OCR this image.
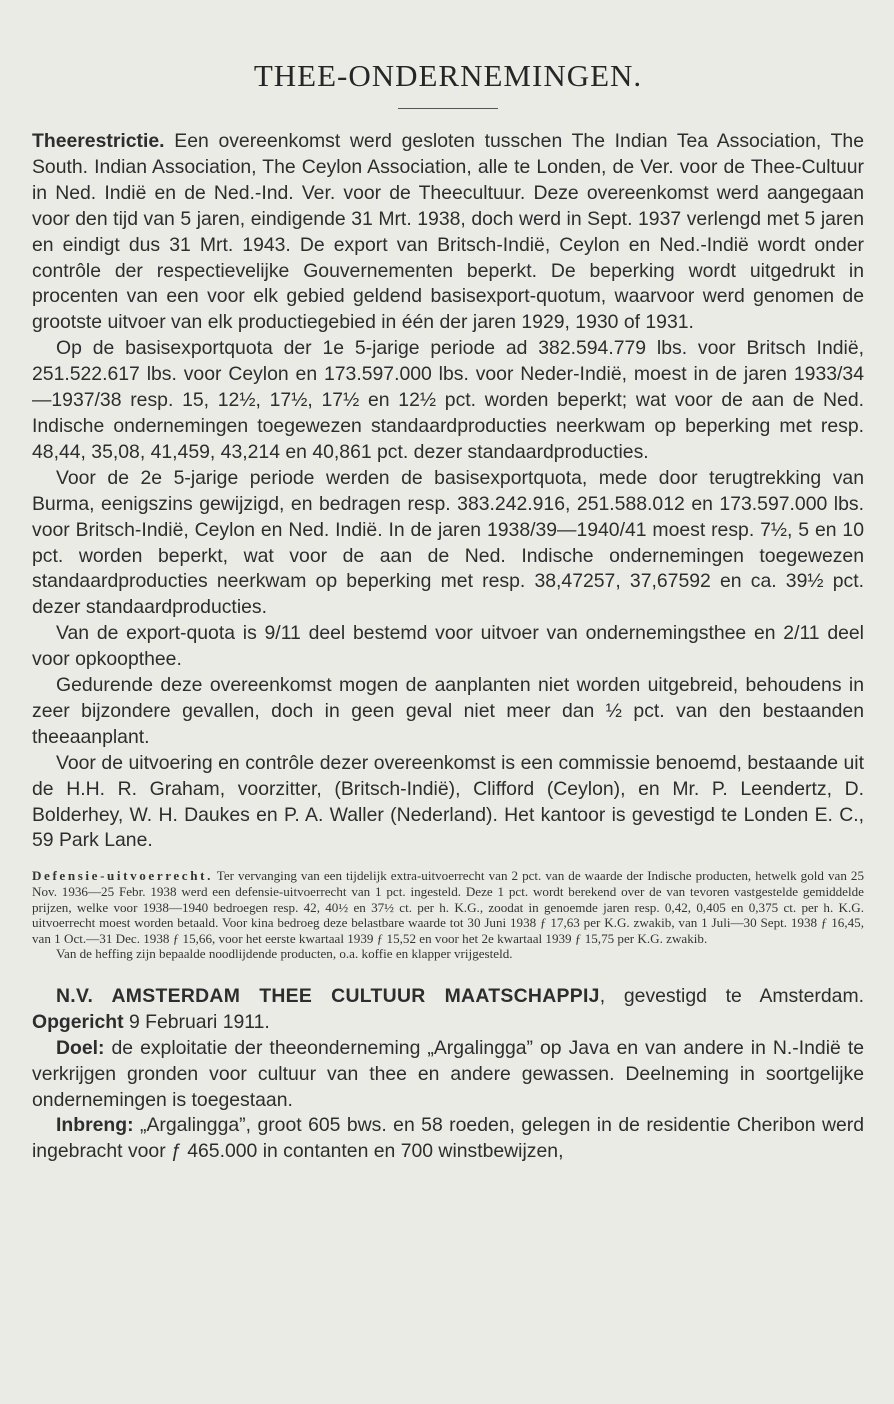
THEE-ONDERNEMINGEN.

Theerestrictie. Een overeenkomst werd gesloten tusschen The Indian Tea Association, The South. Indian Association, The Ceylon Association, alle te Londen, de Ver. voor de Thee-Cultuur in Ned. Indië en de Ned.-Ind. Ver. voor de Theecultuur. Deze overeenkomst werd aangegaan voor den tijd van 5 jaren, eindigende 31 Mrt. 1938, doch werd in Sept. 1937 verlengd met 5 jaren en eindigt dus 31 Mrt. 1943. De export van Britsch-Indië, Ceylon en Ned.-Indië wordt onder contrôle der respectievelijke Gouvernementen beperkt. De beperking wordt uitgedrukt in procenten van een voor elk gebied geldend basisexport-quotum, waarvoor werd genomen de grootste uitvoer van elk productiegebied in één der jaren 1929, 1930 of 1931.

Op de basisexportquota der 1e 5-jarige periode ad 382.594.779 lbs. voor Britsch Indië, 251.522.617 lbs. voor Ceylon en 173.597.000 lbs. voor Neder-Indië, moest in de jaren 1933/34—1937/38 resp. 15, 12½, 17½, 17½ en 12½ pct. worden beperkt; wat voor de aan de Ned. Indische ondernemingen toegewezen standaardproducties neerkwam op beperking met resp. 48,44, 35,08, 41,459, 43,214 en 40,861 pct. dezer standaardproducties.

Voor de 2e 5-jarige periode werden de basisexportquota, mede door terugtrekking van Burma, eenigszins gewijzigd, en bedragen resp. 383.242.916, 251.588.012 en 173.597.000 lbs. voor Britsch-Indië, Ceylon en Ned. Indië. In de jaren 1938/39—1940/41 moest resp. 7½, 5 en 10 pct. worden beperkt, wat voor de aan de Ned. Indische ondernemingen toegewezen standaardproducties neerkwam op beperking met resp. 38,47257, 37,67592 en ca. 39½ pct. dezer standaardproducties.

Van de export-quota is 9/11 deel bestemd voor uitvoer van ondernemingsthee en 2/11 deel voor opkoopthee.

Gedurende deze overeenkomst mogen de aanplanten niet worden uitgebreid, behoudens in zeer bijzondere gevallen, doch in geen geval niet meer dan ½ pct. van den bestaanden theeaanplant.

Voor de uitvoering en contrôle dezer overeenkomst is een commissie benoemd, bestaande uit de H.H. R. Graham, voorzitter, (Britsch-Indië), Clifford (Ceylon), en Mr. P. Leendertz, D. Bolderhey, W. H. Daukes en P. A. Waller (Nederland). Het kantoor is gevestigd te Londen E. C., 59 Park Lane.

Defensie-uitvoerrecht. Ter vervanging van een tijdelijk extra-uitvoerrecht van 2 pct. van de waarde der Indische producten, hetwelk gold van 25 Nov. 1936—25 Febr. 1938 werd een defensie-uitvoerrecht van 1 pct. ingesteld. Deze 1 pct. wordt berekend over de van tevoren vastgestelde gemiddelde prijzen, welke voor 1938—1940 bedroegen resp. 42, 40½ en 37½ ct. per h. K.G., zoodat in genoemde jaren resp. 0,42, 0,405 en 0,375 ct. per h. K.G. uitvoerrecht moest worden betaald. Voor kina bedroeg deze belastbare waarde tot 30 Juni 1938 ƒ 17,63 per K.G. zwakib, van 1 Juli—30 Sept. 1938 ƒ 16,45, van 1 Oct.—31 Dec. 1938 ƒ 15,66, voor het eerste kwartaal 1939 ƒ 15,52 en voor het 2e kwartaal 1939 ƒ 15,75 per K.G. zwakib.

Van de heffing zijn bepaalde noodlijdende producten, o.a. koffie en klapper vrijgesteld.

N.V. AMSTERDAM THEE CULTUUR MAATSCHAPPIJ, gevestigd te Amsterdam. Opgericht 9 Februari 1911.

Doel: de exploitatie der theeonderneming „Argalingga” op Java en van andere in N.-Indië te verkrijgen gronden voor cultuur van thee en andere gewassen. Deelneming in soortgelijke ondernemingen is toegestaan.

Inbreng: „Argalingga”, groot 605 bws. en 58 roeden, gelegen in de residentie Cheribon werd ingebracht voor ƒ 465.000 in contanten en 700 winstbewijzen,
